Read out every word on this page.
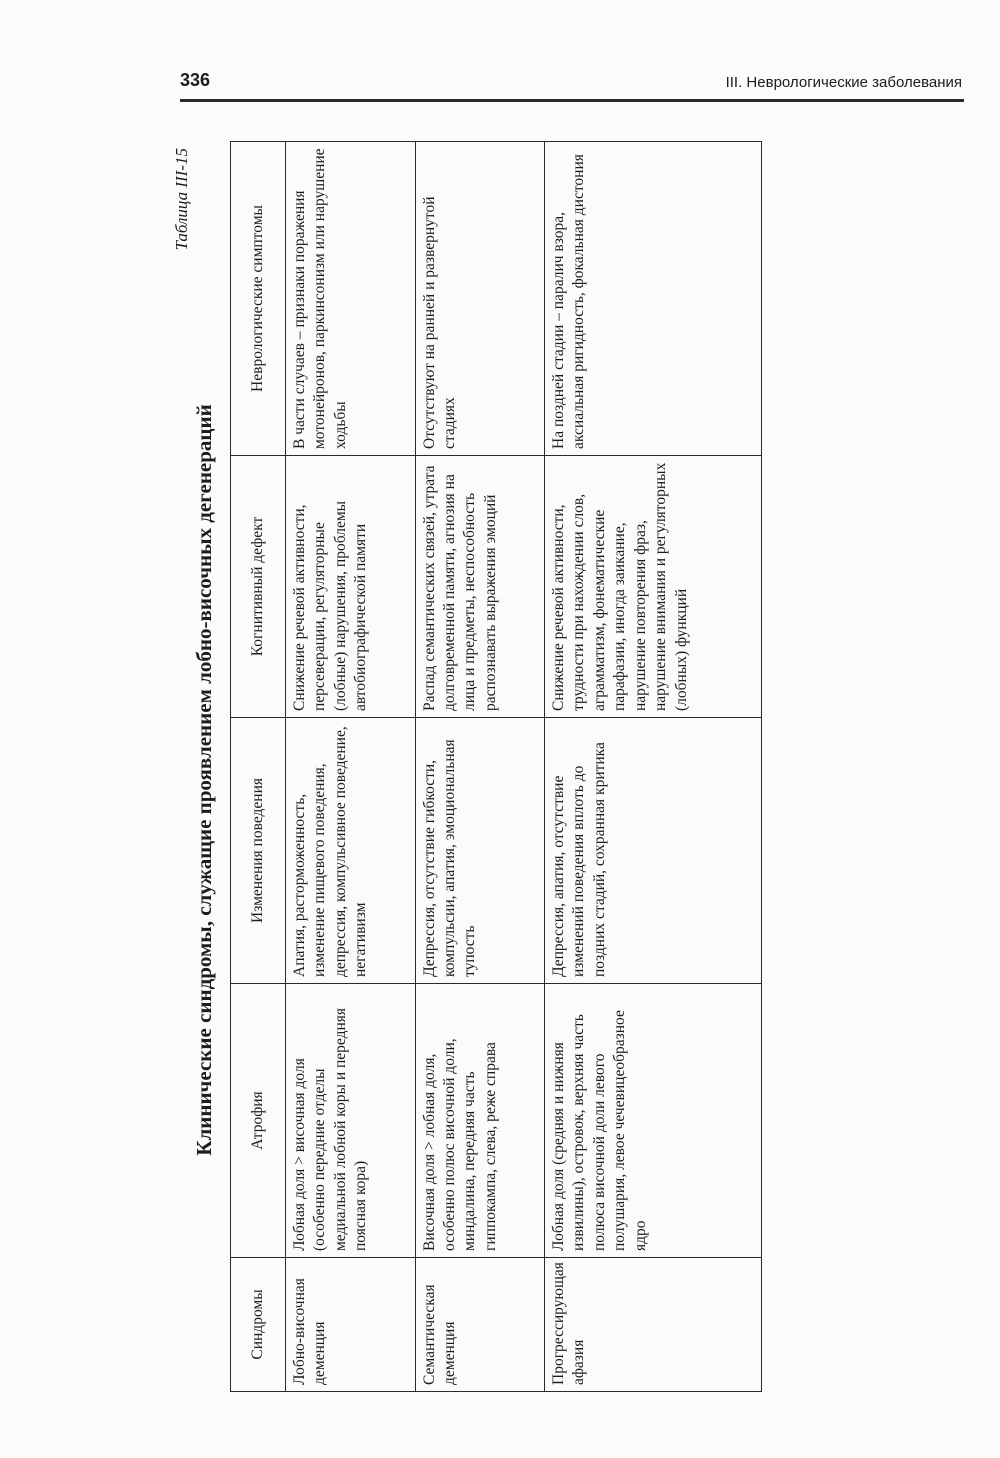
336	III. Неврологические заболевания
Таблица III-15
Клинические синдромы, служащие проявлением лобно-височных дегенераций
Синдромы	Атрофия	Изменения поведения	Когнитивный дефект	Неврологические симптомы
Лобно-височная деменция	Лобная доля > височная доля (особенно передние отделы медиальной лобной коры и передняя поясная кора)	Апатия, расторможенность, изменение пищевого поведения, депрессия, компульсивное поведение, негативизм	Снижение речевой активности, персеверации, регуляторные (лобные) нарушения, проблемы автобиографической памяти	В части случаев – признаки поражения мотонейронов, паркинсонизм или нарушение ходьбы
Семантическая деменция	Височная доля > лобная доля, особенно полюс височной доли, миндалина, передняя часть гиппокампа, слева, реже справа	Депрессия, отсутствие гибкости, компульсии, апатия, эмоциональная тупость	Распад семантических связей, утрата долговременной памяти, агнозия на лица и предметы, неспособность распознавать выражения эмоций	Отсутствуют на ранней и развернутой стадиях
Прогрессирующая афазия	Лобная доля (средняя и нижняя извилины), островок, верхняя часть полюса височной доли левого полушария, левое чечевицеобразное ядро	Депрессия, апатия, отсутствие изменений поведения вплоть до поздних стадий, сохранная критика	Снижение речевой активности, трудности при нахождении слов, аграмматизм, фонематические парафазии, иногда заикание, нарушение повторения фраз, нарушение внимания и регуляторных (лобных) функций	На поздней стадии – паралич взора, аксиальная ригидность, фокальная дистония
